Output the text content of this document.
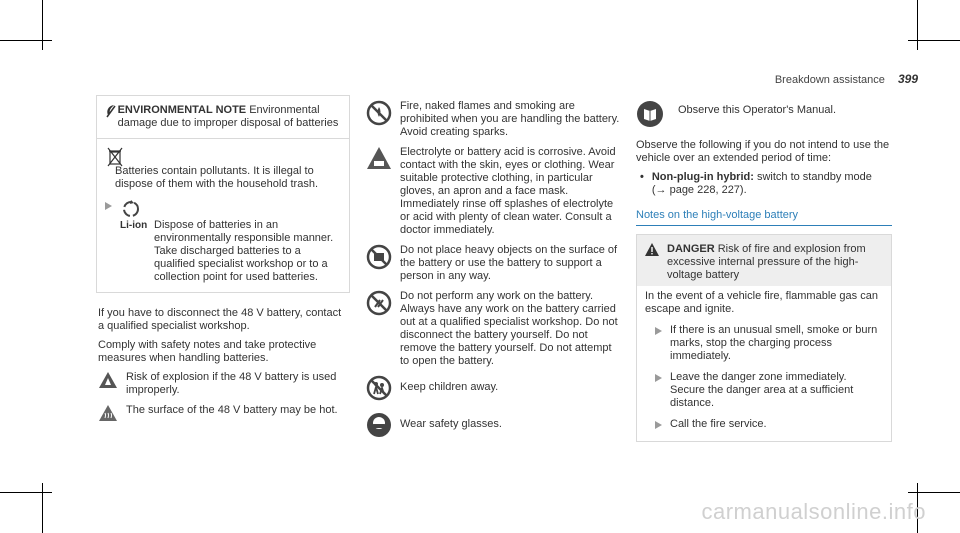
Breakdown assistance 399
ENVIRONMENTAL NOTE Environmental damage due to improper disposal of batteries
Batteries contain pollutants. It is illegal to dispose of them with the household trash.
Li-ion Dispose of batteries in an environmentally responsible manner. Take discharged batteries to a qualified specialist workshop or to a collection point for used batteries.

If you have to disconnect the 48 V battery, contact a qualified specialist workshop.

Comply with safety notes and take protective measures when handling batteries.

Risk of explosion if the 48 V battery is used improperly.
The surface of the 48 V battery may be hot.
Fire, naked flames and smoking are prohibited when you are handling the battery. Avoid creating sparks.
Electrolyte or battery acid is corrosive. Avoid contact with the skin, eyes or clothing. Wear suitable protective clothing, in particular gloves, an apron and a face mask. Immediately rinse off splashes of electrolyte or acid with plenty of clean water. Consult a doctor immediately.
Do not place heavy objects on the surface of the battery or use the battery to support a person in any way.
Do not perform any work on the battery. Always have any work on the battery carried out at a qualified specialist workshop. Do not disconnect the battery yourself. Do not remove the battery yourself. Do not attempt to open the battery.
Keep children away.
Wear safety glasses.
Observe this Operator's Manual.

Observe the following if you do not intend to use the vehicle over an extended period of time:

• Non-plug-in hybrid: switch to standby mode
(→ page 228, 227).
Notes on the high-voltage battery
DANGER Risk of fire and explosion from excessive internal pressure of the high-voltage battery

In the event of a vehicle fire, flammable gas can escape and ignite.

If there is an unusual smell, smoke or burn marks, stop the charging process immediately.
Leave the danger zone immediately. Secure the danger area at a sufficient distance.
Call the fire service.
carmanualsonline.info
